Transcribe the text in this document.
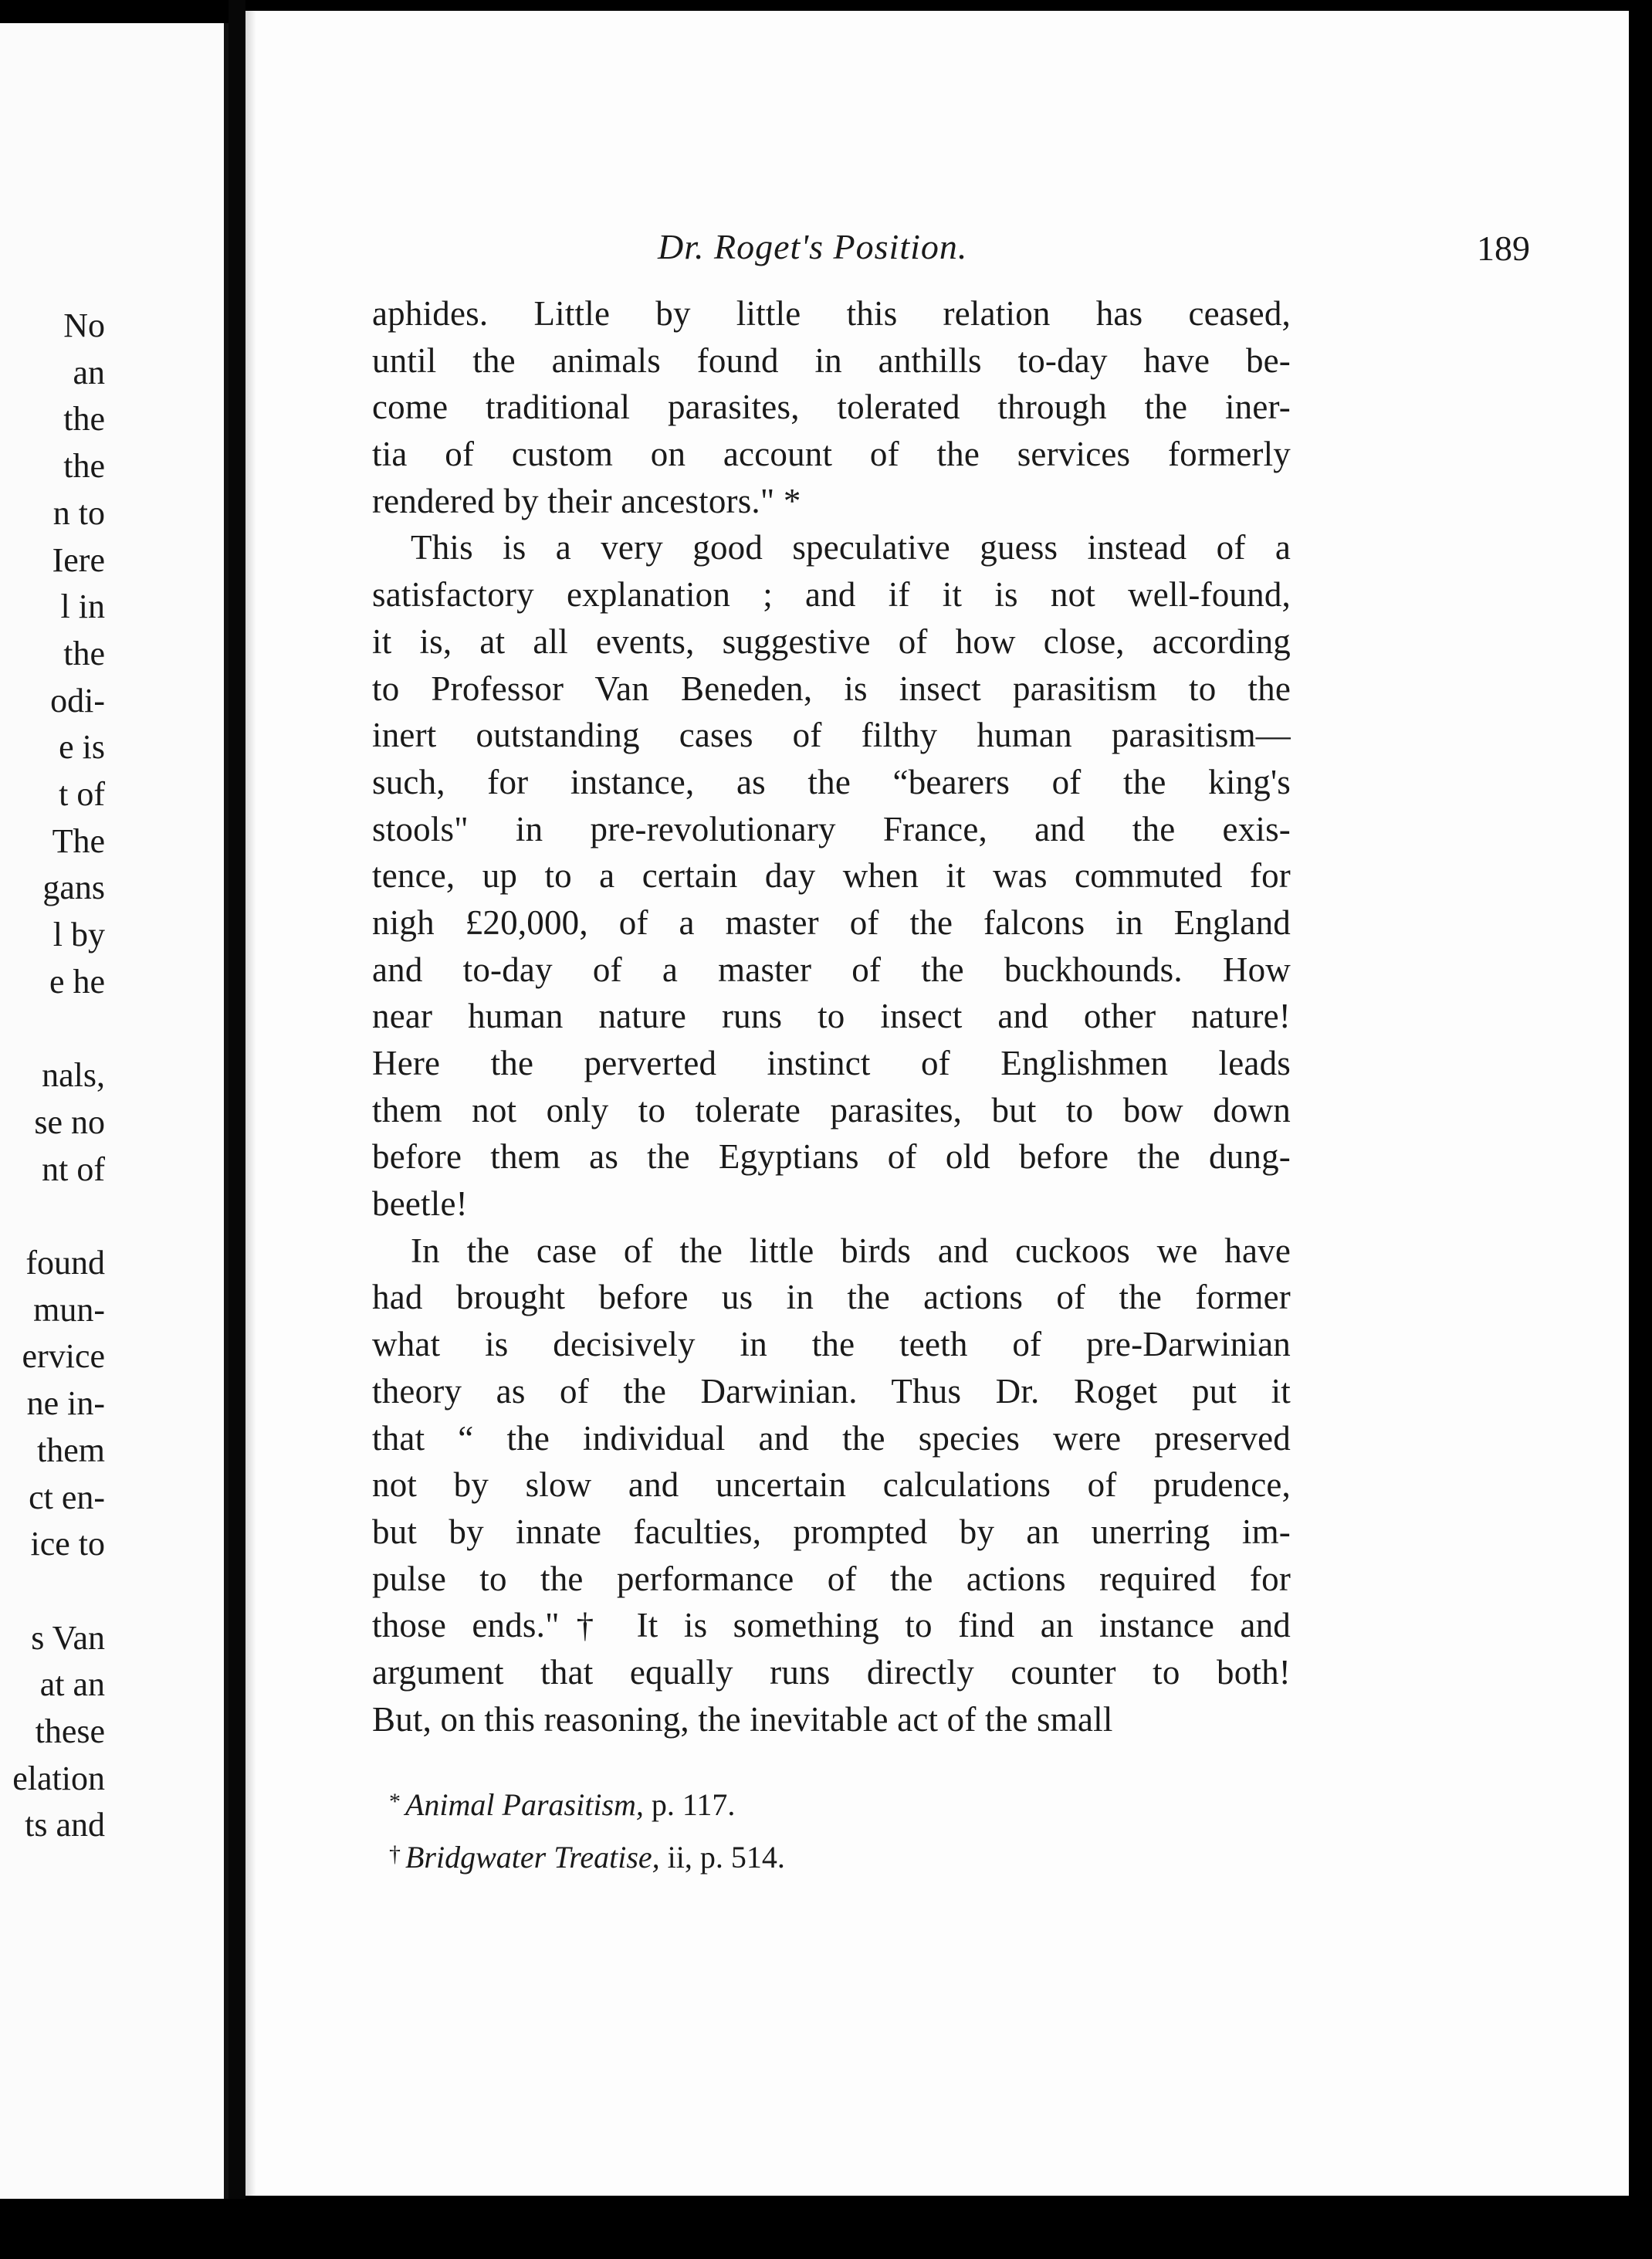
No
an
the
the
n to
Iere
l in
the
odi-
e is
t of
The
gans
l by
e he
nals,
se no
nt of
found
mun-
ervice
ne in-
them
ct en-
ice to
s Van
at an
these
elation
ts and
Dr. Roget's Position.	189
aphides. Little by little this relation has ceased,
until the animals found in anthills to-day have be-
come traditional parasites, tolerated through the iner-
tia of custom on account of the services formerly
rendered by their ancestors." *
This is a very good speculative guess instead of a
satisfactory explanation ; and if it is not well-found,
it is, at all events, suggestive of how close, according
to Professor Van Beneden, is insect parasitism to the
inert outstanding cases of filthy human parasitism—
such, for instance, as the “bearers of the king's
stools" in pre-revolutionary France, and the exis-
tence, up to a certain day when it was commuted for
nigh £20,000, of a master of the falcons in England
and to-day of a master of the buckhounds. How
near human nature runs to insect and other nature!
Here the perverted instinct of Englishmen leads
them not only to tolerate parasites, but to bow down
before them as the Egyptians of old before the dung-
beetle!
In the case of the little birds and cuckoos we have
had brought before us in the actions of the former
what is decisively in the teeth of pre-Darwinian
theory as of the Darwinian. Thus Dr. Roget put it
that “ the individual and the species were preserved
not by slow and uncertain calculations of prudence,
but by innate faculties, prompted by an unerring im-
pulse to the performance of the actions required for
those ends."† It is something to find an instance and
argument that equally runs directly counter to both!
But, on this reasoning, the inevitable act of the small
* Animal Parasitism, p. 117.
† Bridgwater Treatise, ii, p. 514.
